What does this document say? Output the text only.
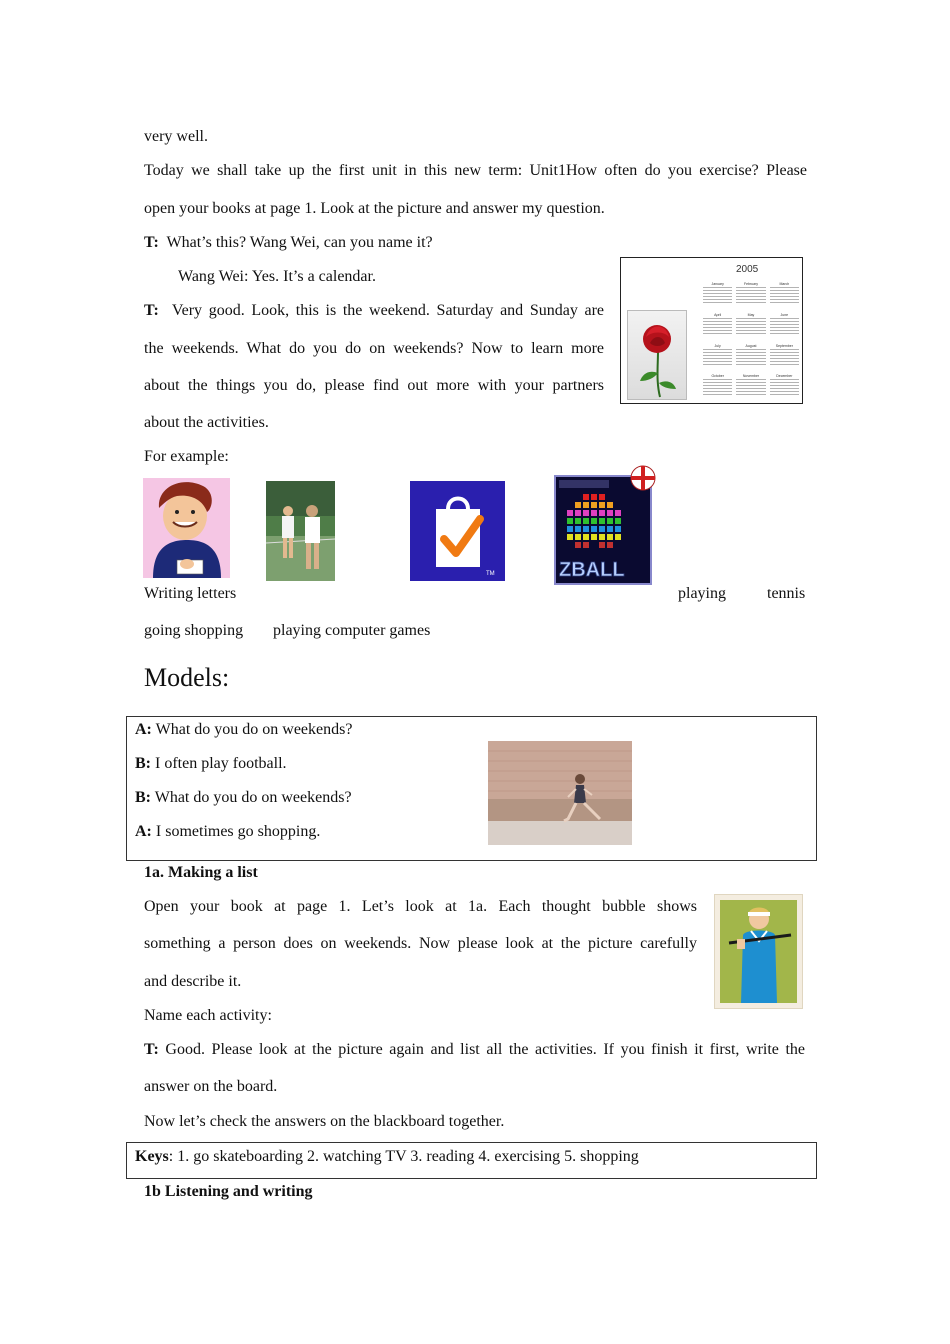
very well.
Today we shall take up the first unit in this new term: Unit1How often do you exercise? Please
open your books at page 1. Look at the picture and answer my question.
T: What’s this? Wang Wei, can you name it?
Wang Wei: Yes. It’s a calendar.
T: Very good. Look, this is the weekend. Saturday and Sunday are
the weekends. What do you do on weekends? Now to learn more
about the things you do, please find out more with your partners
about the activities.
2005
January	February	March
April	May	June
July	August	September
October	November	December
For example:
TM	ZBALL
Writing letters	playing	tennis
going shopping playing computer games
Models:
A: What do you do on weekends?
B: I often play football.
B: What do you do on weekends?
A: I sometimes go shopping.
1a. Making a list
Open your book at page 1. Let’s look at 1a. Each thought bubble shows
something a person does on weekends. Now please look at the picture carefully
and describe it.
Name each activity:
T: Good. Please look at the picture again and list all the activities. If you finish it first, write the
answer on the board.
Now let’s check the answers on the blackboard together.
Keys: 1. go skateboarding 2. watching TV 3. reading 4. exercising 5. shopping
1b Listening and writing
